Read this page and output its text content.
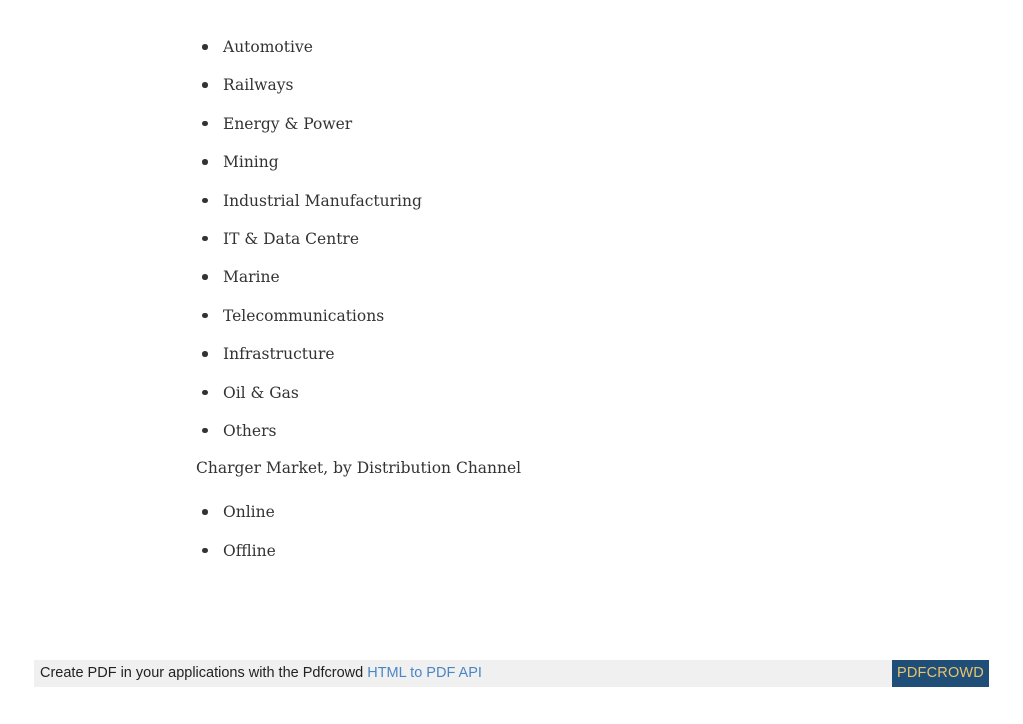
Automotive
Railways
Energy & Power
Mining
Industrial Manufacturing
IT & Data Centre
Marine
Telecommunications
Infrastructure
Oil & Gas
Others

Charger Market, by Distribution Channel

Online
Offline
Create PDF in your applications with the Pdfcrowd HTML to PDF API	PDFCROWD
